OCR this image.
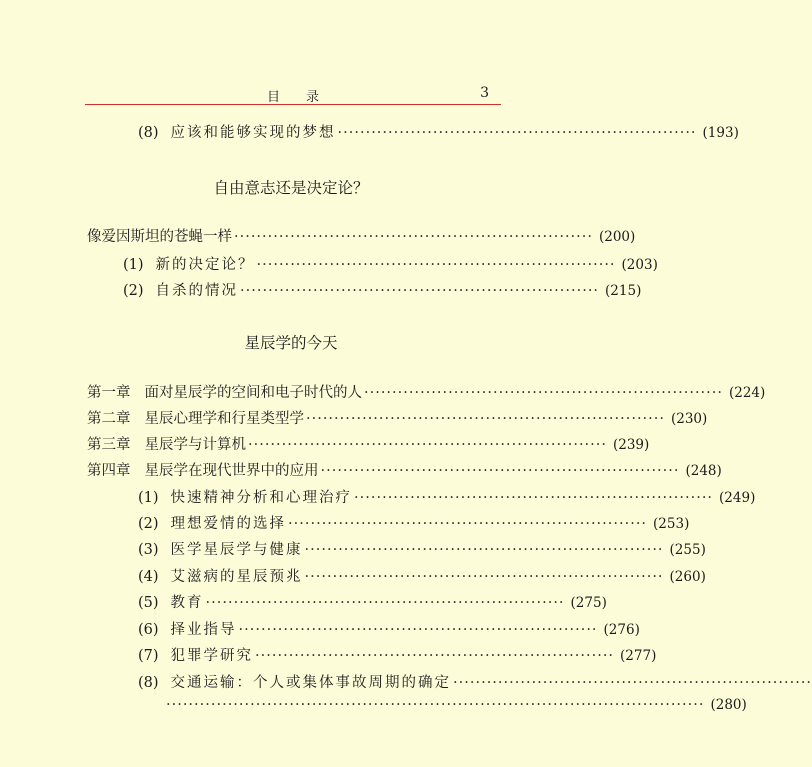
目录	3
(8) 应该和能够实现的梦想 ································································ (193)
自由意志还是决定论？
像爱因斯坦的苍蝇一样 ································································ (200)
(1) 新的决定论？ ································································ (203)
(2) 自杀的情况 ································································ (215)
星辰学的今天
第一章 面对星辰学的空间和电子时代的人 ································································ (224)
第二章 星辰心理学和行星类型学 ································································ (230)
第三章 星辰学与计算机 ································································ (239)
第四章 星辰学在现代世界中的应用 ································································ (248)
(1) 快速精神分析和心理治疗 ································································ (249)
(2) 理想爱情的选择 ································································ (253)
(3) 医学星辰学与健康 ································································ (255)
(4) 艾滋病的星辰预兆 ································································ (260)
(5) 教育 ································································ (275)
(6) 择业指导 ································································ (276)
(7) 犯罪学研究 ································································ (277)
(8) 交通运输：个人或集体事故周期的确定 ································································
································································································ (280)
